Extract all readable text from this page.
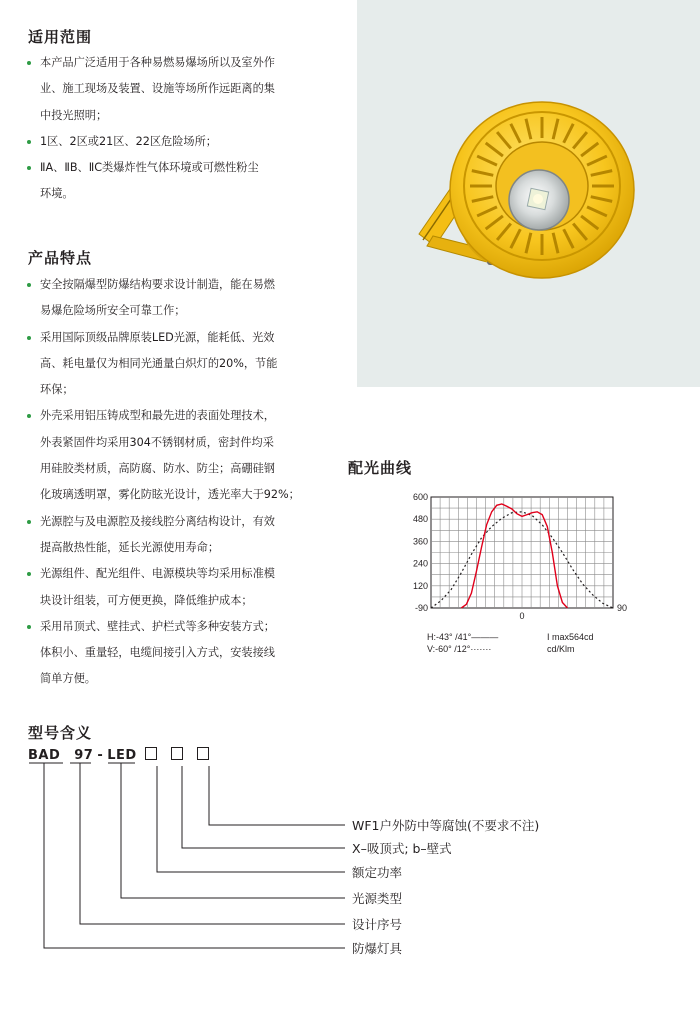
适用范围
本产品广泛适用于各种易燃易爆场所以及室外作
业、施工现场及装置、设施等场所作远距离的集
中投光照明；
1区、2区或21区、22区危险场所；
ⅡA、ⅡB、ⅡC类爆炸性气体环境或可燃性粉尘
环境。
产品特点
安全按隔爆型防爆结构要求设计制造，能在易燃
易爆危险场所安全可靠工作；
采用国际顶级品牌原装LED光源，能耗低、光效
高、耗电量仅为相同光通量白炽灯的20%，节能
环保；
外壳采用铝压铸成型和最先进的表面处理技术，
外表紧固件均采用304不锈钢材质，密封件均采
用硅胶类材质，高防腐、防水、防尘；高硼硅钢
化玻璃透明罩，雾化防眩光设计，透光率大于92%；
光源腔与及电源腔及接线腔分离结构设计，有效
提高散热性能，延长光源使用寿命；
光源组件、配光组件、电源模块等均采用标准模
块设计组装，可方便更换，降低维护成本；
采用吊顶式、壁挂式、护栏式等多种安装方式；
体积小、重量轻，电缆间接引入方式，安装接线
简单方便。
配光曲线
600
480
360
240
120
-90
0
90
H:-43° /41°———
V:-60° /12°·······
I max564cd
cd/Klm
型号含义
BAD 97 - LED
WF1户外防中等腐蚀(不要求不注)
X–吸顶式; b–壁式
额定功率
光源类型
设计序号
防爆灯具
